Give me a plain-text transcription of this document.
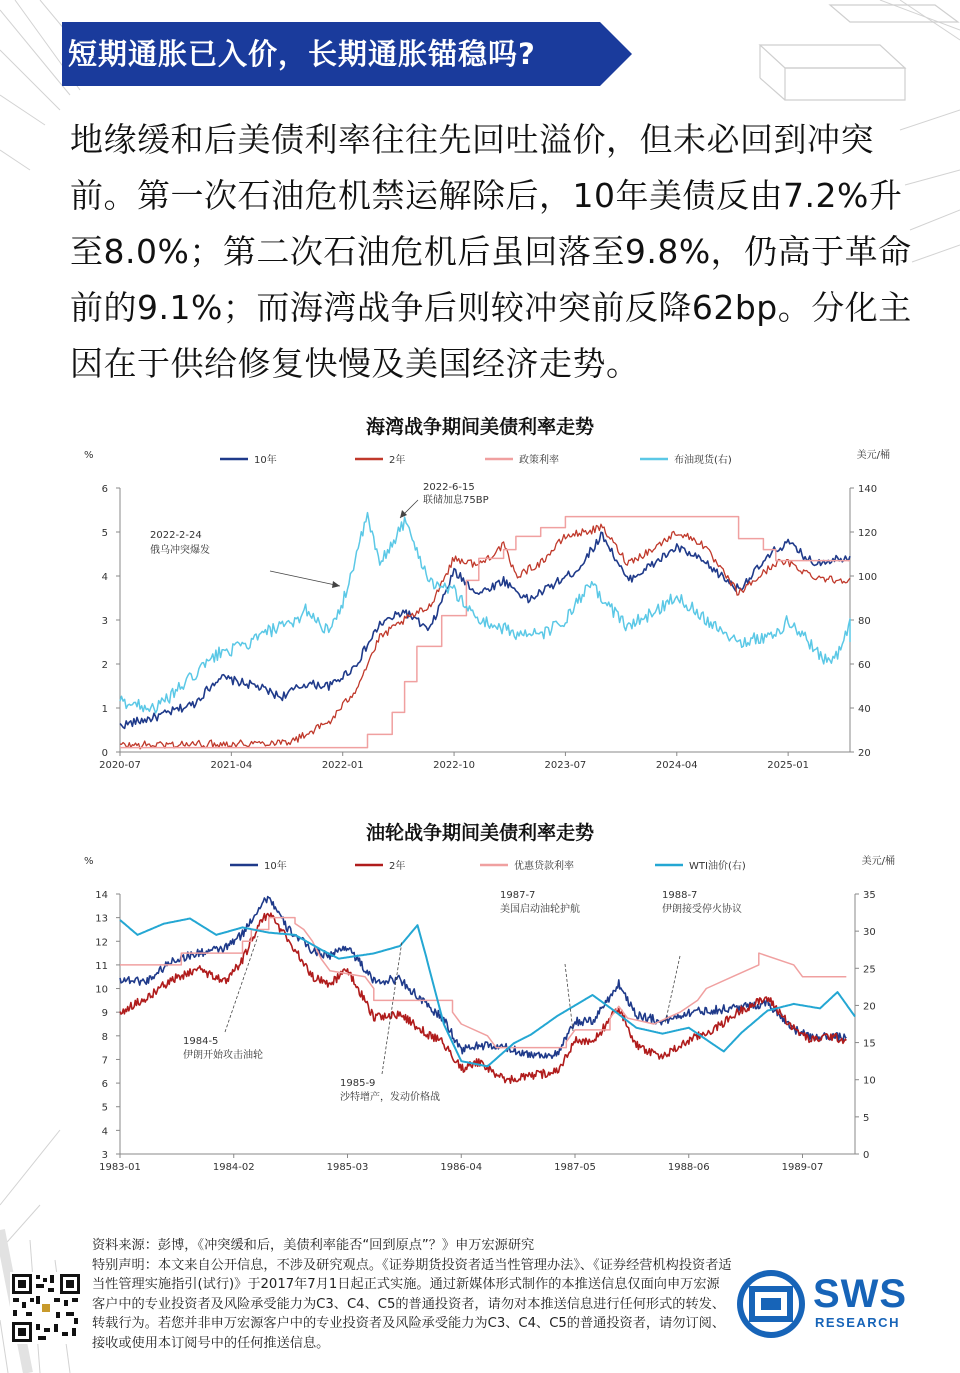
短期通胀已入价，长期通胀锚稳吗?
地缘缓和后美债利率往往先回吐溢价，但未必回到冲突前。第一次石油危机禁运解除后，10年美债反由7.2%升至8.0%；第二次石油危机后虽回落至9.8%，仍高于革命前的9.1%；而海湾战争后则较冲突前反降62bp。分化主因在于供给修复快慢及美国经济走势。
海湾战争期间美债利率走势
%	美元/桶
0
1
2
3
4
5
6
20
40
60
80
100
120
140
2020-07	2021-04	2022-01	2022-10	2023-07	2024-04	2025-01
10年	2年	政策利率	布油现货(右)
2022-2-24
俄乌冲突爆发
2022-6-15
联储加息75BP
油轮战争期间美债利率走势
%	美元/桶
3
4
5
6
7
8
9
10
11
12
13
14
0
5
10
15
20
25
30
35
1983-01	1984-02	1985-03	1986-04	1987-05	1988-06	1989-07
10年	2年	优惠贷款利率	WTI油价(右)
1984-5
伊朗开始攻击油轮
1985-9
沙特增产，发动价格战
1987-7
美国启动油轮护航
1988-7
伊朗接受停火协议

资料来源：彭博，《冲突缓和后，美债利率能否“回到原点”？》申万宏源研究

特别声明：本文来自公开信息，不涉及研究观点。《证券期货投资者适当性管理办法》、《证券经营机构投资者适当性管理实施指引(试行)》于2017年7月1日起正式实施。通过新媒体形式制作的本推送信息仅面向申万宏源客户中的专业投资者及风险承受能力为C3、C4、C5的普通投资者，请勿对本推送信息进行任何形式的转发、转载行为。若您并非申万宏源客户中的专业投资者及风险承受能力为C3、C4、C5的普通投资者，请勿订阅、接收或使用本订阅号中的任何推送信息。

SWS
RESEARCH
